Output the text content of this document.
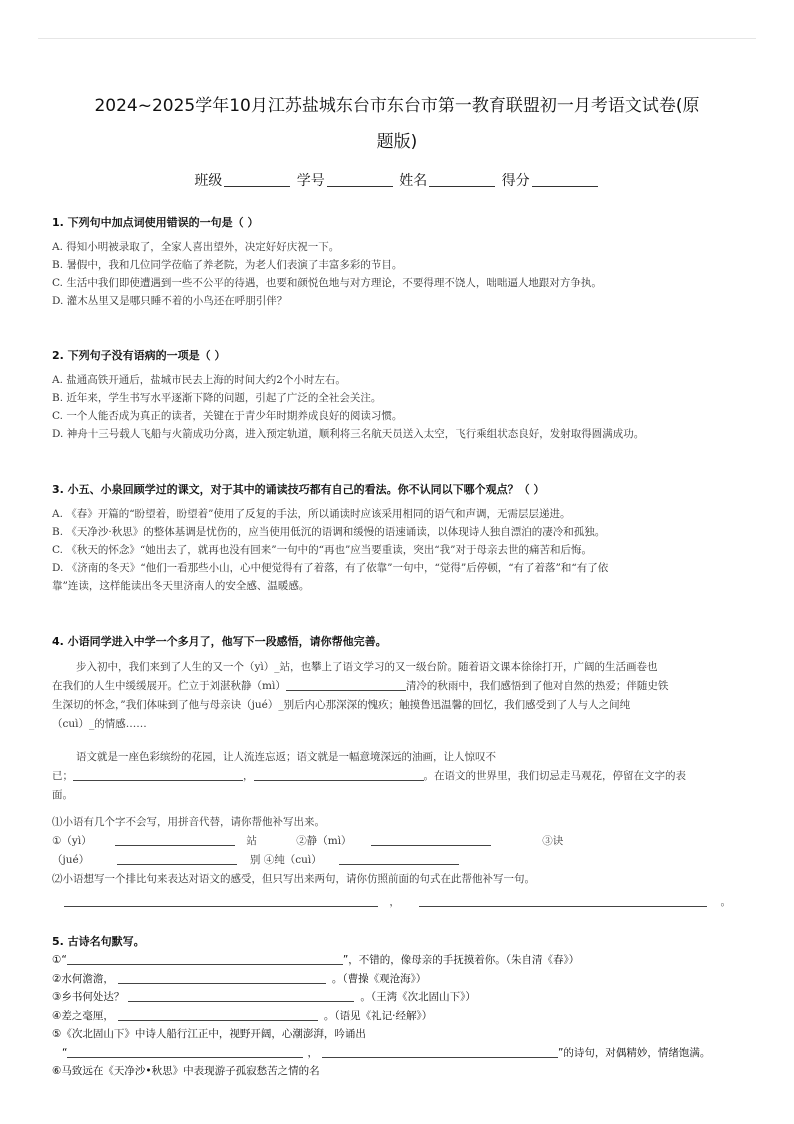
2024~2025学年10月江苏盐城东台市东台市第一教育联盟初一月考语文试卷(原
题版)
班级	学号	姓名	得分
1. 下列句中加点词使用错误的一句是（ ）
A. 得知小明被录取了，全家人喜出望外，决定好好庆祝一下。
B. 暑假中，我和几位同学莅临了养老院，为老人们表演了丰富多彩的节目。
C. 生活中我们即使遭遇到一些不公平的待遇，也要和颜悦色地与对方理论，不要得理不饶人，咄咄逼人地跟对方争执。
D. 灌木丛里又是哪只睡不着的小鸟还在呼朋引伴？
2. 下列句子没有语病的一项是（ ）
A. 盐通高铁开通后，盐城市民去上海的时间大约2个小时左右。
B. 近年来，学生书写水平逐渐下降的问题，引起了广泛的全社会关注。
C. 一个人能否成为真正的读者，关键在于青少年时期养成良好的阅读习惯。
D. 神舟十三号载人飞船与火箭成功分离，进入预定轨道，顺利将三名航天员送入太空，飞行乘组状态良好，发射取得圆满成功。
3. 小五、小泉回顾学过的课文，对于其中的诵读技巧都有自己的看法。你不认同以下哪个观点？（ ）
A. 《春》开篇的“盼望着，盼望着”使用了反复的手法，所以诵读时应该采用相同的语气和声调，无需层层递进。
B. 《天净沙·秋思》的整体基调是忧伤的，应当使用低沉的语调和缓慢的语速诵读，以体现诗人独自漂泊的凄冷和孤独。
C. 《秋天的怀念》“她出去了，就再也没有回来”一句中的“再也”应当要重读，突出“我”对于母亲去世的痛苦和后悔。
D. 《济南的冬天》“他们一看那些小山，心中便觉得有了着落，有了依靠”一句中，“觉得”后停顿，“有了着落”和“有了依
靠”连读，这样能读出冬天里济南人的安全感、温暖感。
4. 小语同学进入中学一个多月了，他写下一段感悟，请你帮他完善。
步入初中，我们来到了人生的又一个（yì）_站，也攀上了语文学习的又一级台阶。随着语文课本徐徐打开，广阔的生活画卷也
在我们的人生中缓缓展开。伫立于刘湛秋静（mì）	清冷的秋雨中，我们感悟到了他对自然的热爱；伴随史铁
生深切的怀念，”我们体味到了他与母亲诀（jué）_别后内心那深深的愧疚；触摸鲁迅温馨的回忆，我们感受到了人与人之间纯
（cuì）_的情感……
语文就是一座色彩缤纷的花园，让人流连忘返；语文就是一幅意境深远的油画，让人惊叹不
已；	，	。在语文的世界里，我们切忌走马观花，停留在文字的表
面。
⑴小语有几个字不会写，用拼音代替，请你帮他补写出来。
①（yì）	站	②静（mì）	③诀
（jué）	别 ④纯（cuì）
⑵小语想写一个排比句来表达对语文的感受，但只写出来两句，请你仿照前面的句式在此帮他补写一句。
，	。
5. 古诗名句默写。
①“	”，不错的，像母亲的手抚摸着你。（朱自清《春》）
②水何澹澹，	。（曹操《观沧海》）
③乡书何处达？	。（王湾《次北固山下》）
④差之毫厘，	。（语见《礼记·经解》）
⑤《次北固山下》中诗人船行江正中，视野开阔，心潮澎湃，吟诵出
“	，	”的诗句，对偶精妙，情绪饱满。
⑥马致远在《天净沙•秋思》中表现游子孤寂愁苦之情的名
